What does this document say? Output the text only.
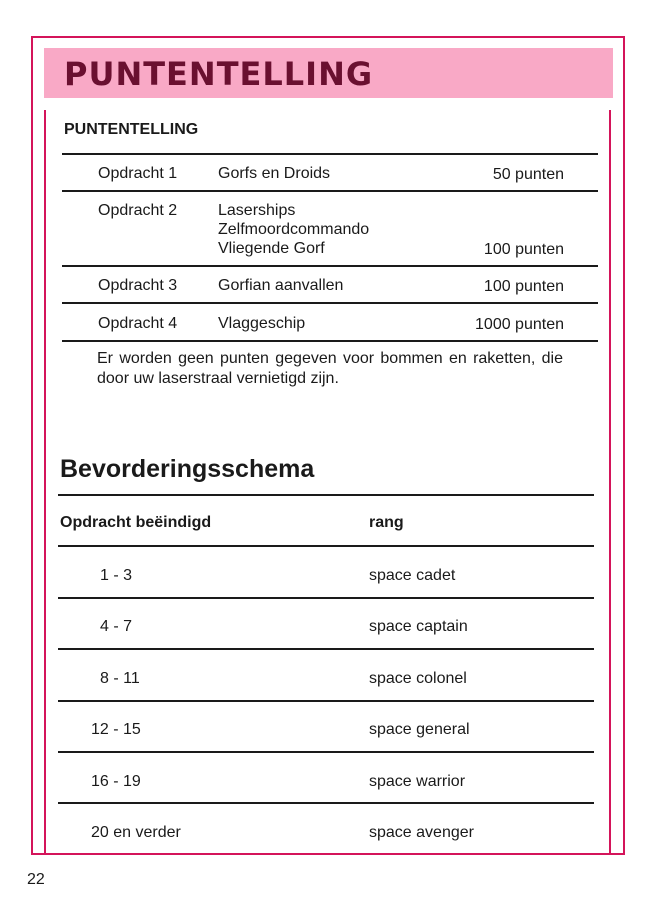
PUNTENTELLING
PUNTENTELLING
Opdracht 1	Gorfs en Droids	50 punten
Opdracht 2	Laserships
Zelfmoordcommando
Vliegende Gorf	100 punten
Opdracht 3	Gorfian aanvallen	100 punten
Opdracht 4	Vlaggeschip	1000 punten
Er worden geen punten gegeven voor bommen en raketten, die door uw laserstraal vernietigd zijn.
Bevorderingsschema
Opdracht beëindigd	rang
1 - 3	space cadet
4 - 7	space captain
8 - 11	space colonel
12 - 15	space general
16 - 19	space warrior
20 en verder	space avenger
22
